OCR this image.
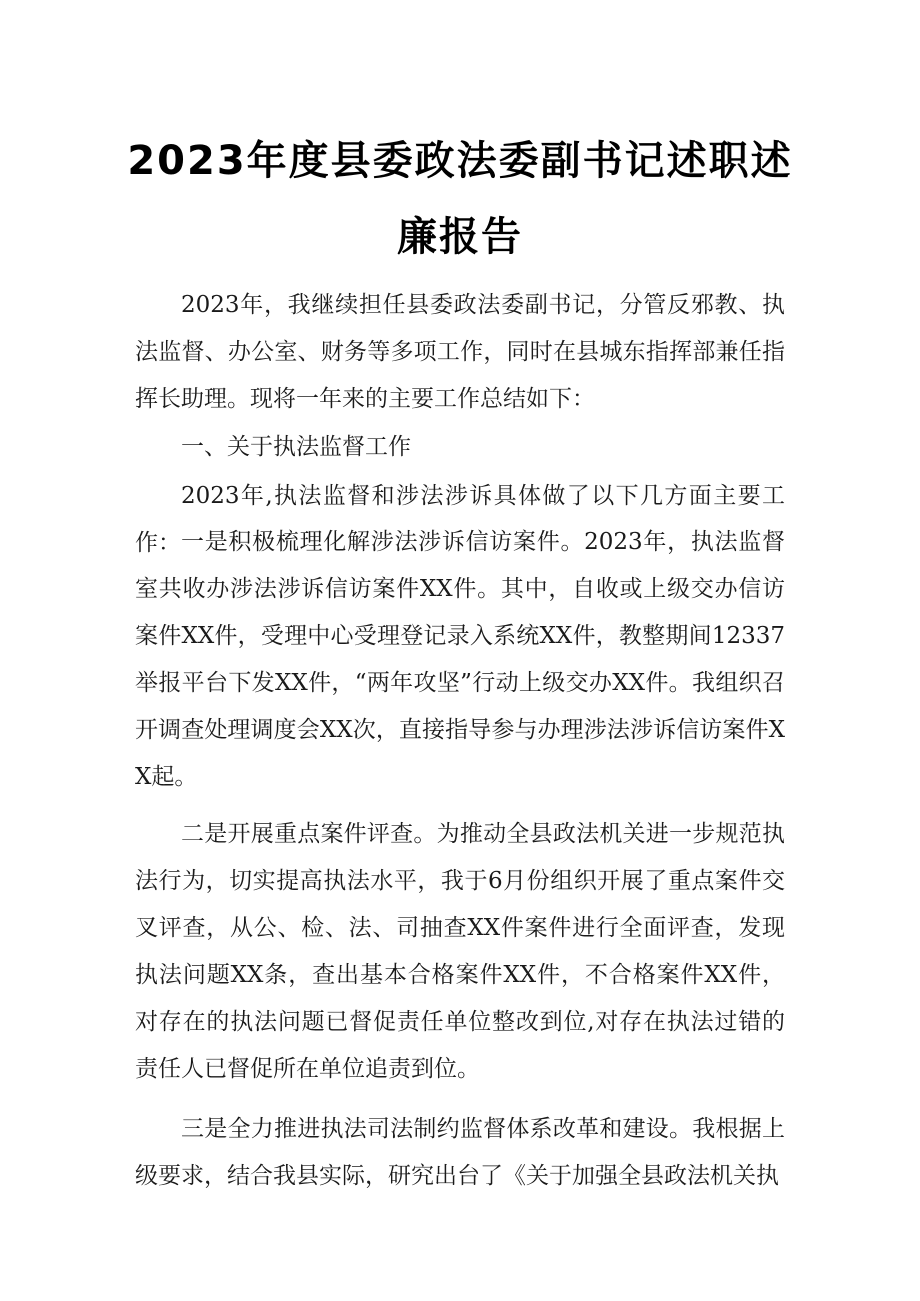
2023年度县委政法委副书记述职述
廉报告

2023年，我继续担任县委政法委副书记，分管反邪教、执法监督、办公室、财务等多项工作，同时在县城东指挥部兼任指挥长助理。现将一年来的主要工作总结如下：

一、关于执法监督工作

2023年,执法监督和涉法涉诉具体做了以下几方面主要工作： 一是积极梳理化解涉法涉诉信访案件。2023年，执法监督室共收办涉法涉诉信访案件XX件。其中，自收或上级交办信访案件XX件，受理中心受理登记录入系统XX件，教整期间12337举报平台下发XX件，“两年攻坚”行动上级交办XX件。我组织召开调查处理调度会XX次，直接指导参与办理涉法涉诉信访案件XX起。

二是开展重点案件评查。为推动全县政法机关进一步规范执法行为，切实提高执法水平，我于6月份组织开展了重点案件交叉评查，从公、检、法、司抽查XX件案件进行全面评查，发现执法问题XX条，查出基本合格案件XX件，不合格案件XX件，对存在的执法问题已督促责任单位整改到位,对存在执法过错的责任人已督促所在单位追责到位。

三是全力推进执法司法制约监督体系改革和建设。我根据上级要求，结合我县实际，研究出台了《关于加强全县政法机关执
